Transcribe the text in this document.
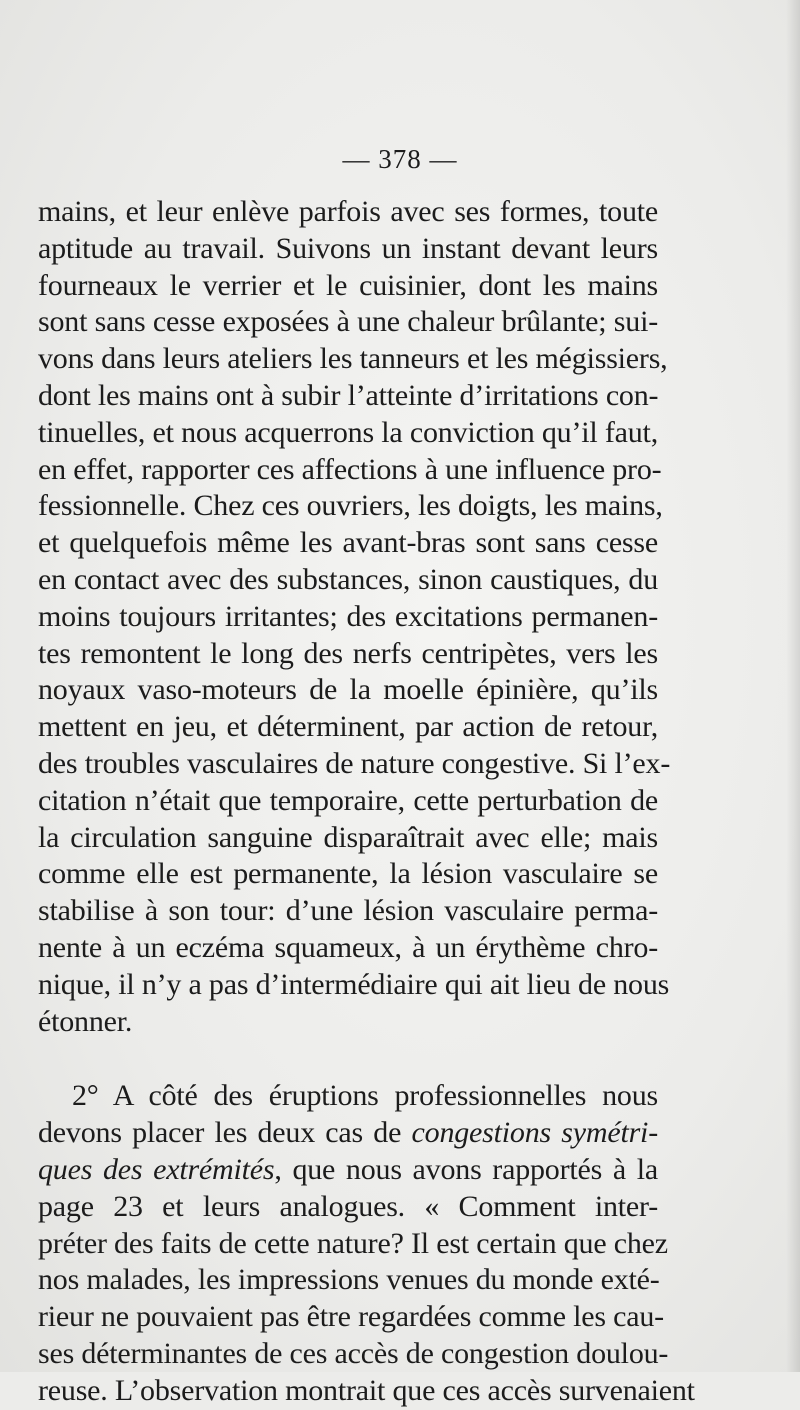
— 378 —
mains, et leur enlève parfois avec ses formes, toute
aptitude au travail. Suivons un instant devant leurs
fourneaux le verrier et le cuisinier, dont les mains
sont sans cesse exposées à une chaleur brûlante; sui-
vons dans leurs ateliers les tanneurs et les mégissiers,
dont les mains ont à subir l’atteinte d’irritations con-
tinuelles, et nous acquerrons la conviction qu’il faut,
en effet, rapporter ces affections à une influence pro-
fessionnelle. Chez ces ouvriers, les doigts, les mains,
et quelquefois même les avant-bras sont sans cesse
en contact avec des substances, sinon caustiques, du
moins toujours irritantes; des excitations permanen-
tes remontent le long des nerfs centripètes, vers les
noyaux vaso-moteurs de la moelle épinière, qu’ils
mettent en jeu, et déterminent, par action de retour,
des troubles vasculaires de nature congestive. Si l’ex-
citation n’était que temporaire, cette perturbation de
la circulation sanguine disparaîtrait avec elle; mais
comme elle est permanente, la lésion vasculaire se
stabilise à son tour: d’une lésion vasculaire perma-
nente à un eczéma squameux, à un érythème chro-
nique, il n’y a pas d’intermédiaire qui ait lieu de nous
étonner.
2° A côté des éruptions professionnelles nous
devons placer les deux cas de congestions symétri-
ques des extrémités, que nous avons rapportés à la
page 23 et leurs analogues. « Comment inter-
préter des faits de cette nature? Il est certain que chez
nos malades, les impressions venues du monde exté-
rieur ne pouvaient pas être regardées comme les cau-
ses déterminantes de ces accès de congestion doulou-
reuse. L’observation montrait que ces accès survenaient
